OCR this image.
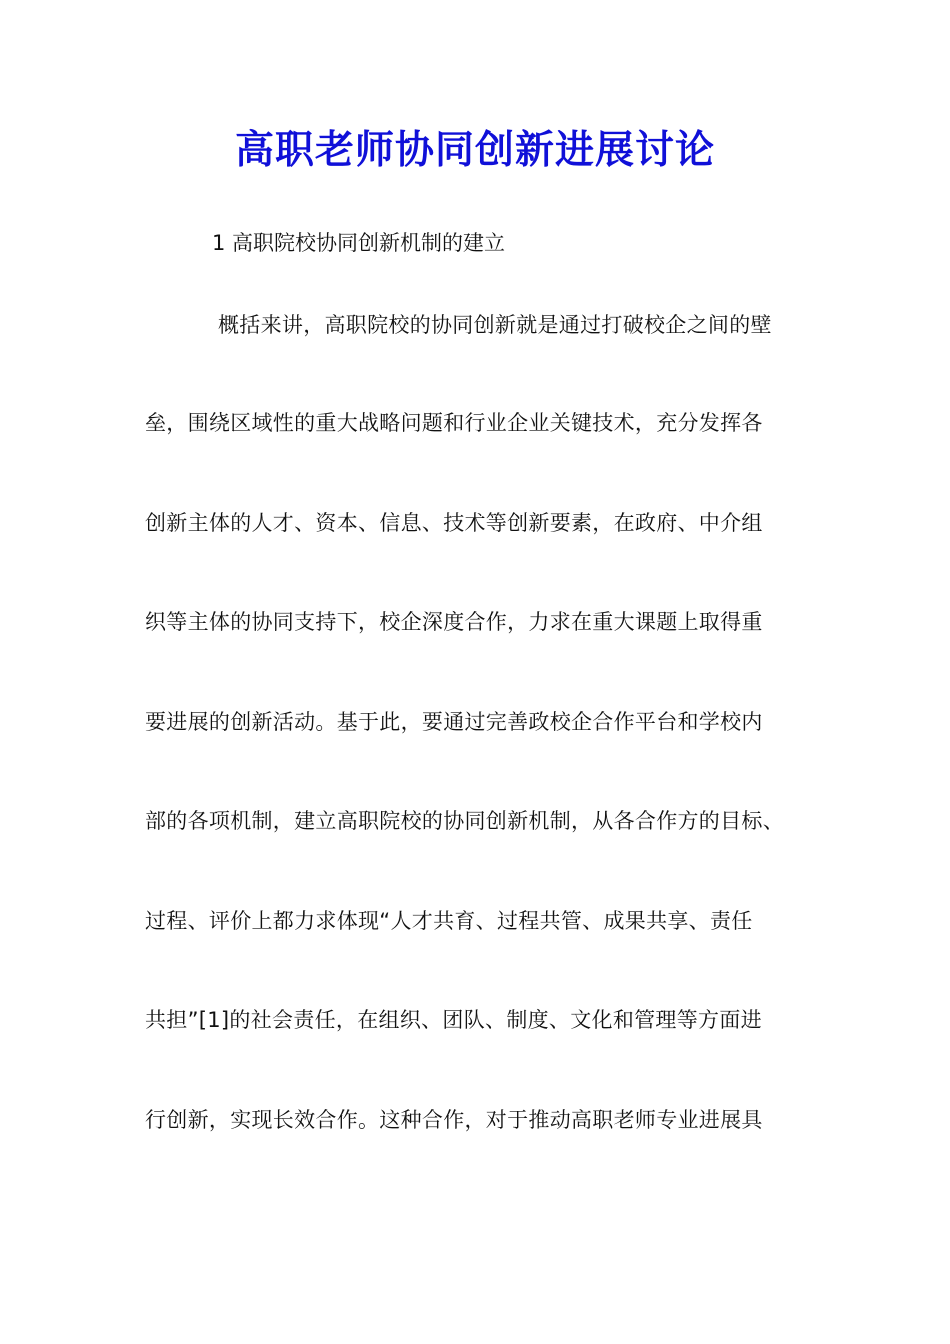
高职老师协同创新进展讨论
1 高职院校协同创新机制的建立
概括来讲，高职院校的协同创新就是通过打破校企之间的壁
垒，围绕区域性的重大战略问题和行业企业关键技术，充分发挥各
创新主体的人才、资本、信息、技术等创新要素，在政府、中介组
织等主体的协同支持下，校企深度合作，力求在重大课题上取得重
要进展的创新活动。基于此，要通过完善政校企合作平台和学校内
部的各项机制，建立高职院校的协同创新机制，从各合作方的目标、
过程、评价上都力求体现“人才共育、过程共管、成果共享、责任
共担”[1]的社会责任，在组织、团队、制度、文化和管理等方面进
行创新，实现长效合作。这种合作，对于推动高职老师专业进展具
